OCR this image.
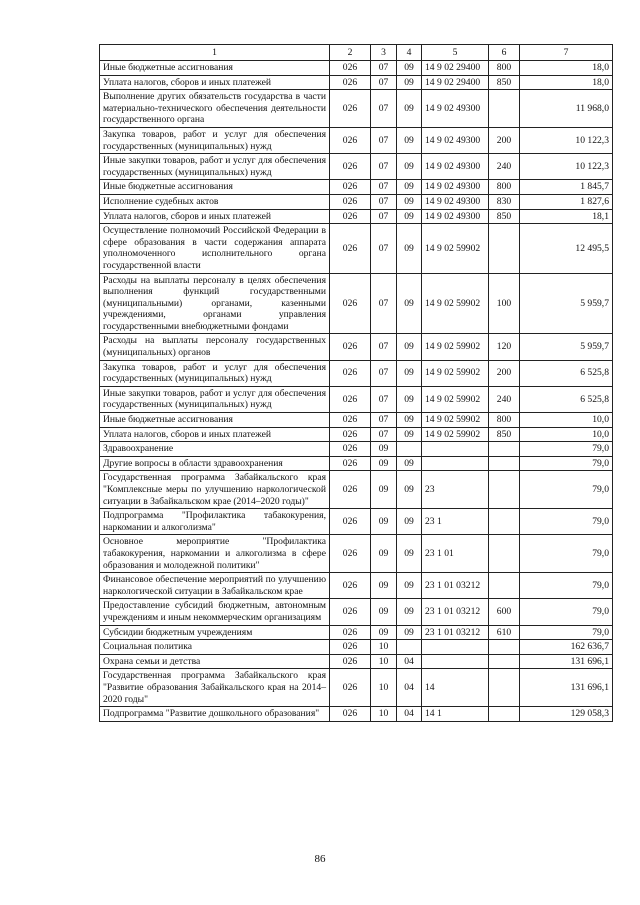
1	2	3	4	5	6	7
Иные бюджетные ассигнования	026	07	09	14 9 02 29400	800	18,0
Уплата налогов, сборов и иных платежей	026	07	09	14 9 02 29400	850	18,0
Выполнение других обязательств государства в части материально-технического обеспечения деятельности государственного органа	026	07	09	14 9 02 49300		11 968,0
Закупка товаров, работ и услуг для обеспечения государственных (муниципальных) нужд	026	07	09	14 9 02 49300	200	10 122,3
Иные закупки товаров, работ и услуг для обеспечения государственных (муниципальных) нужд	026	07	09	14 9 02 49300	240	10 122,3
Иные бюджетные ассигнования	026	07	09	14 9 02 49300	800	1 845,7
Исполнение судебных актов	026	07	09	14 9 02 49300	830	1 827,6
Уплата налогов, сборов и иных платежей	026	07	09	14 9 02 49300	850	18,1
Осуществление полномочий Российской Федерации в сфере образования в части содержания аппарата уполномоченного исполнительного органа государственной власти	026	07	09	14 9 02 59902		12 495,5
Расходы на выплаты персоналу в целях обеспечения выполнения функций государственными (муниципальными) органами, казенными учреждениями, органами управления государственными внебюджетными фондами	026	07	09	14 9 02 59902	100	5 959,7
Расходы на выплаты персоналу государственных (муниципальных) органов	026	07	09	14 9 02 59902	120	5 959,7
Закупка товаров, работ и услуг для обеспечения государственных (муниципальных) нужд	026	07	09	14 9 02 59902	200	6 525,8
Иные закупки товаров, работ и услуг для обеспечения государственных (муниципальных) нужд	026	07	09	14 9 02 59902	240	6 525,8
Иные бюджетные ассигнования	026	07	09	14 9 02 59902	800	10,0
Уплата налогов, сборов и иных платежей	026	07	09	14 9 02 59902	850	10,0
Здравоохранение	026	09				79,0
Другие вопросы в области здравоохранения	026	09	09			79,0
Государственная программа Забайкальского края "Комплексные меры по улучшению наркологической ситуации в Забайкальском крае (2014–2020 годы)"	026	09	09	23		79,0
Подпрограмма "Профилактика табакокурения, наркомании и алкоголизма"	026	09	09	23 1		79,0
Основное мероприятие "Профилактика табакокурения, наркомании и алкоголизма в сфере образования и молодежной политики"	026	09	09	23 1 01		79,0
Финансовое обеспечение мероприятий по улучшению наркологической ситуации в Забайкальском крае	026	09	09	23 1 01 03212		79,0
Предоставление субсидий бюджетным, автономным учреждениям и иным некоммерческим организациям	026	09	09	23 1 01 03212	600	79,0
Субсидии бюджетным учреждениям	026	09	09	23 1 01 03212	610	79,0
Социальная политика	026	10				162 636,7
Охрана семьи и детства	026	10	04			131 696,1
Государственная программа Забайкальского края "Развитие образования Забайкальского края на 2014–2020 годы"	026	10	04	14		131 696,1
Подпрограмма "Развитие дошкольного образования"	026	10	04	14 1		129 058,3
86
